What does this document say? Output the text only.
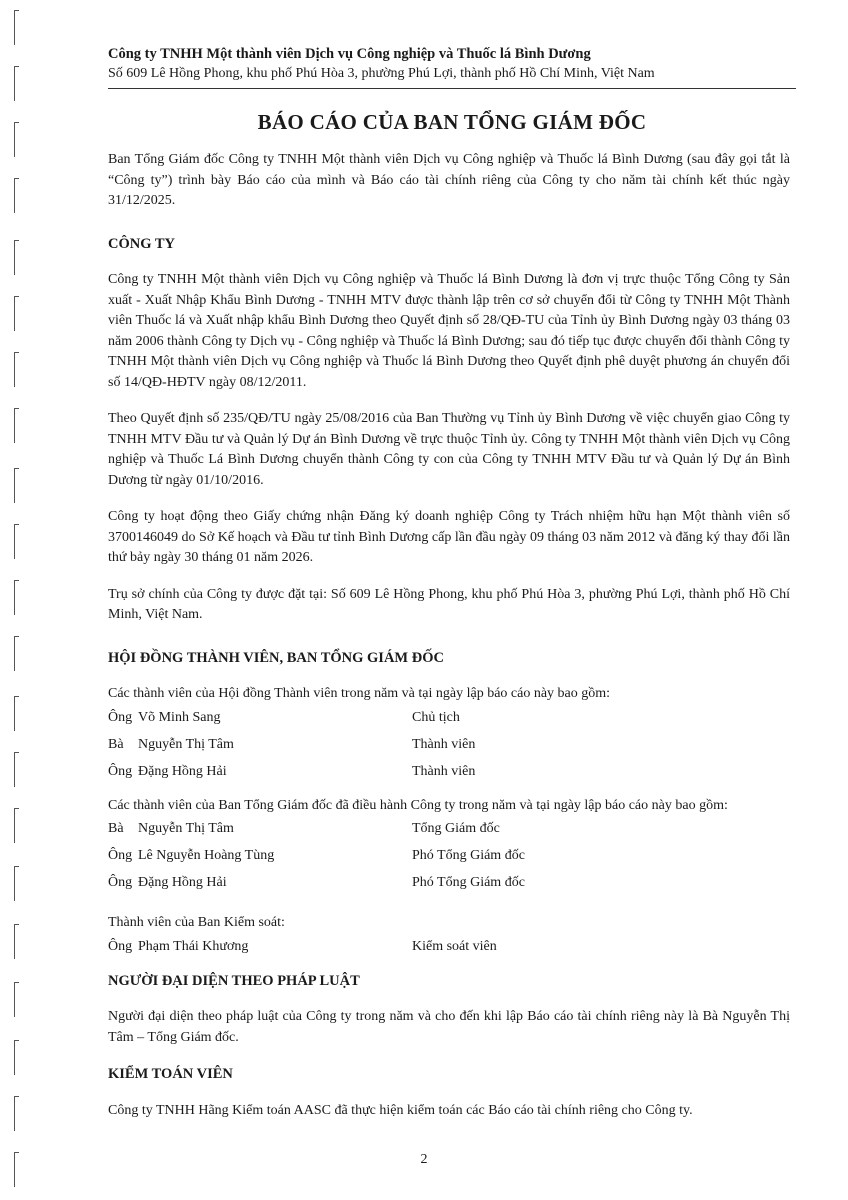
Công ty TNHH Một thành viên Dịch vụ Công nghiệp và Thuốc lá Bình Dương
Số 609 Lê Hồng Phong, khu phố Phú Hòa 3, phường Phú Lợi, thành phố Hồ Chí Minh, Việt Nam
BÁO CÁO CỦA BAN TỔNG GIÁM ĐỐC

Ban Tổng Giám đốc Công ty TNHH Một thành viên Dịch vụ Công nghiệp và Thuốc lá Bình Dương (sau đây gọi tắt là “Công ty”) trình bày Báo cáo của mình và Báo cáo tài chính riêng của Công ty cho năm tài chính kết thúc ngày 31/12/2025.

CÔNG TY

Công ty TNHH Một thành viên Dịch vụ Công nghiệp và Thuốc lá Bình Dương là đơn vị trực thuộc Tổng Công ty Sản xuất - Xuất Nhập Khẩu Bình Dương - TNHH MTV được thành lập trên cơ sở chuyển đổi từ Công ty TNHH Một Thành viên Thuốc lá và Xuất nhập khẩu Bình Dương theo Quyết định số 28/QĐ-TU của Tỉnh ủy Bình Dương ngày 03 tháng 03 năm 2006 thành Công ty Dịch vụ - Công nghiệp và Thuốc lá Bình Dương; sau đó tiếp tục được chuyển đổi thành Công ty TNHH Một thành viên Dịch vụ Công nghiệp và Thuốc lá Bình Dương theo Quyết định phê duyệt phương án chuyển đổi số 14/QĐ-HĐTV ngày 08/12/2011.

Theo Quyết định số 235/QĐ/TU ngày 25/08/2016 của Ban Thường vụ Tỉnh ủy Bình Dương về việc chuyển giao Công ty TNHH MTV Đầu tư và Quản lý Dự án Bình Dương về trực thuộc Tỉnh ủy. Công ty TNHH Một thành viên Dịch vụ Công nghiệp và Thuốc Lá Bình Dương chuyển thành Công ty con của Công ty TNHH MTV Đầu tư và Quản lý Dự án Bình Dương từ ngày 01/10/2016.

Công ty hoạt động theo Giấy chứng nhận Đăng ký doanh nghiệp Công ty Trách nhiệm hữu hạn Một thành viên số 3700146049 do Sở Kế hoạch và Đầu tư tỉnh Bình Dương cấp lần đầu ngày 09 tháng 03 năm 2012 và đăng ký thay đổi lần thứ bảy ngày 30 tháng 01 năm 2026.

Trụ sở chính của Công ty được đặt tại: Số 609 Lê Hồng Phong, khu phố Phú Hòa 3, phường Phú Lợi, thành phố Hồ Chí Minh, Việt Nam.

HỘI ĐỒNG THÀNH VIÊN, BAN TỔNG GIÁM ĐỐC

Các thành viên của Hội đồng Thành viên trong năm và tại ngày lập báo cáo này bao gồm:

Ông Võ Minh Sang	Chủ tịch
Bà	Nguyễn Thị Tâm	Thành viên
Ông Đặng Hồng Hải	Thành viên

Các thành viên của Ban Tổng Giám đốc đã điều hành Công ty trong năm và tại ngày lập báo cáo này bao gồm:

Bà	Nguyễn Thị Tâm	Tổng Giám đốc
Ông Lê Nguyễn Hoàng Tùng	Phó Tổng Giám đốc
Ông Đặng Hồng Hải	Phó Tổng Giám đốc

Thành viên của Ban Kiểm soát:

Ông Phạm Thái Khương	Kiểm soát viên
NGƯỜI ĐẠI DIỆN THEO PHÁP LUẬT

Người đại diện theo pháp luật của Công ty trong năm và cho đến khi lập Báo cáo tài chính riêng này là Bà Nguyễn Thị Tâm – Tổng Giám đốc.

KIỂM TOÁN VIÊN

Công ty TNHH Hãng Kiểm toán AASC đã thực hiện kiểm toán các Báo cáo tài chính riêng cho Công ty.

2
